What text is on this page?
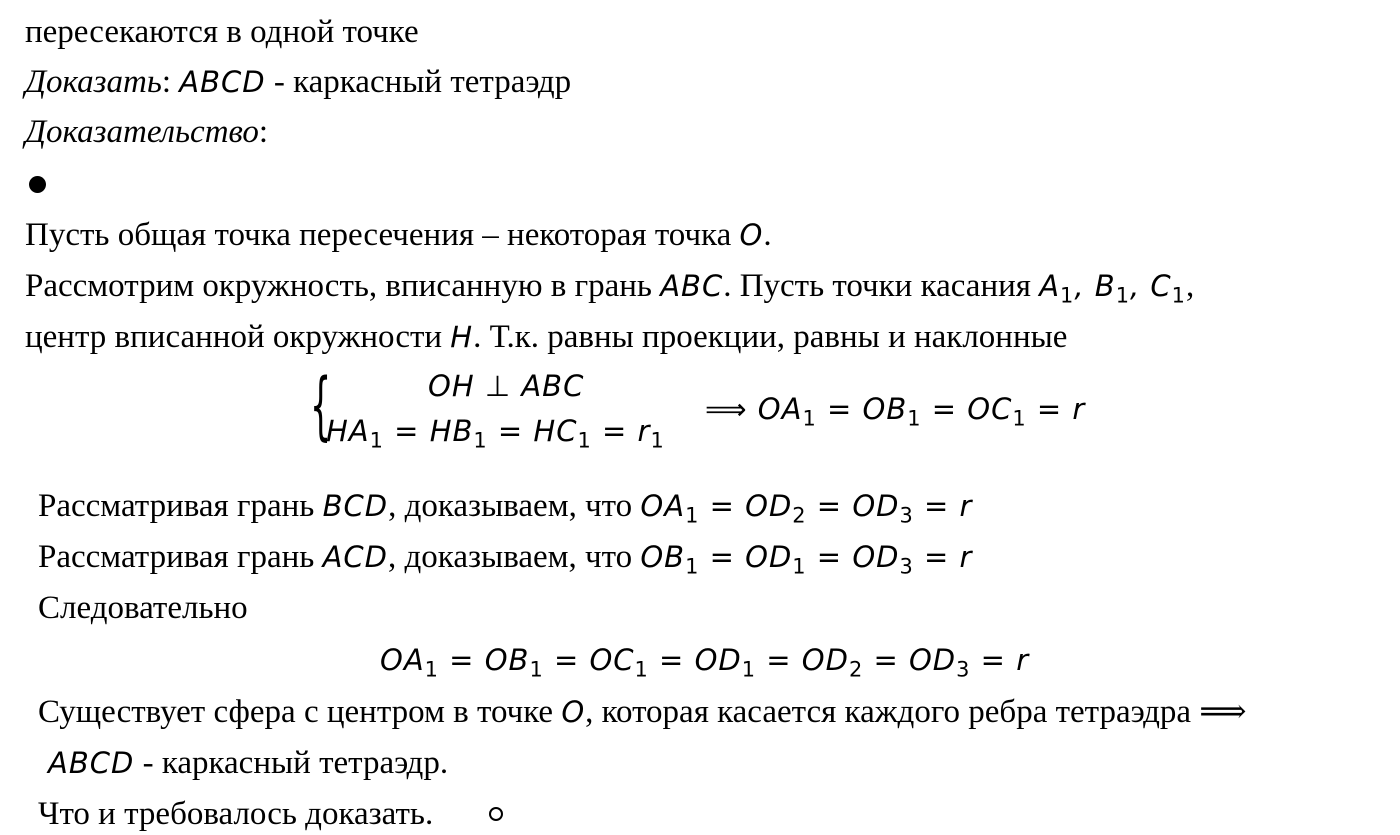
пересекаются в одной точке
Доказать: ABCD - каркасный тетраэдр
Доказательство:
Пусть общая точка пересечения – некоторая точка O.
Рассмотрим окружность, вписанную в грань ABC. Пусть точки касания $A_1$, $B_1$, $C_1$,
центр вписанной окружности H. Т.к. равны проекции, равны и наклонные
{	OH ⊥ ABC
$HA_1 = HB_1 = HC_1 = r_1$
⟹ $OA_1 = OB_1 = OC_1 = r$
Рассматривая грань BCD, доказываем, что $OA_1 = OD_2 = OD_3 = r$
Рассматривая грань ACD, доказываем, что $OB_1 = OD_1 = OD_3 = r$
Следовательно
$OA_1 = OB_1 = OC_1 = OD_1 = OD_2 = OD_3 = r$
Существует сфера с центром в точке O, которая касается каждого ребра тетраэдра ⟹
ABCD - каркасный тетраэдр.
Что и требовалось доказать.
